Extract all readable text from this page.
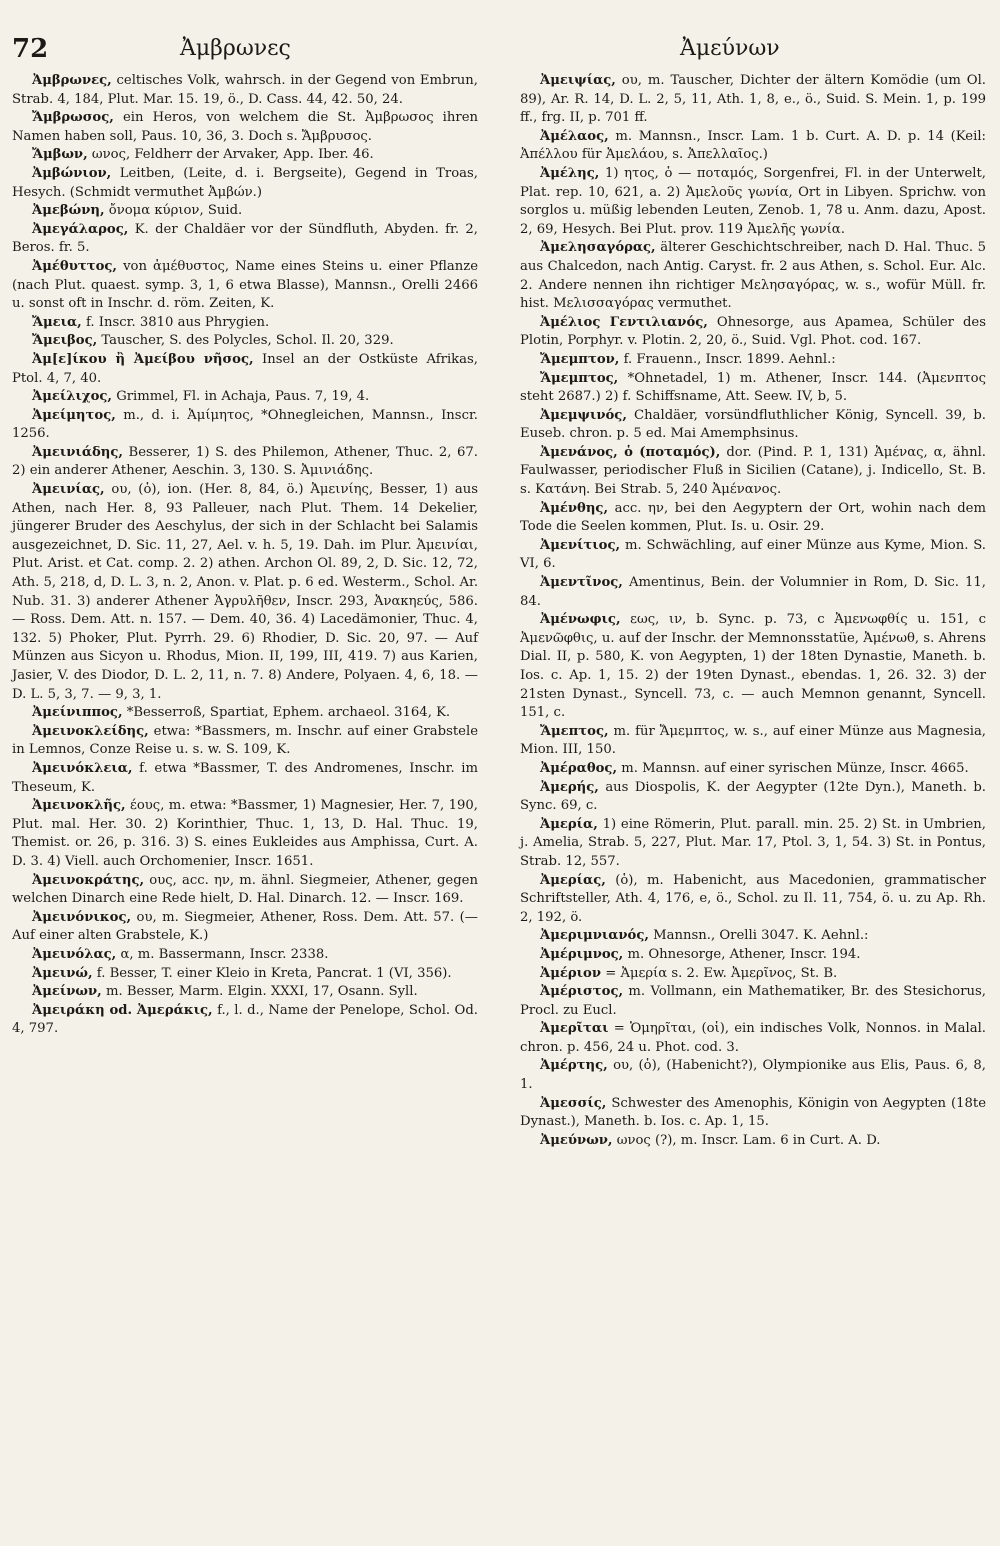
72	Ἀμβρωνες	Ἀμεύνων

Ἀμβρωνες, celtisches Volk, wahrsch. in der Gegend von Embrun, Strab. 4, 184, Plut. Mar. 15. 19, ö., D. Cass. 44, 42. 50, 24.

Ἄμβρωσος, ein Heros, von welchem die St. Ἀμβρωσος ihren Namen haben soll, Paus. 10, 36, 3. Doch s. Ἄμβρυσος.

Ἄμβων, ωνος, Feldherr der Arvaker, App. Iber. 46.

Ἀμβώνιον, Leitben, (Leite, d. i. Bergseite), Gegend in Troas, Hesych. (Schmidt vermuthet Ἀμβών.)

Ἀμεβώνη, ὄνομα κύριον, Suid.

Ἀμεγάλαρος, K. der Chaldäer vor der Sündfluth, Abyden. fr. 2, Beros. fr. 5.

Ἀμέθυττος, von ἀμέθυστος, Name eines Steins u. einer Pflanze (nach Plut. quaest. symp. 3, 1, 6 etwa Blasse), Mannsn., Orelli 2466 u. sonst oft in Inschr. d. röm. Zeiten, K.

Ἄμεια, f. Inscr. 3810 aus Phrygien.

Ἄμειβος, Tauscher, S. des Polycles, Schol. Il. 20, 329.

Ἀμ[ε]ίκου ἢ Ἀμείβου νῆσος, Insel an der Ostküste Afrikas, Ptol. 4, 7, 40.

Ἀμείλιχος, Grimmel, Fl. in Achaja, Paus. 7, 19, 4.

Ἀμείμητος, m., d. i. Ἀμίμητος, *Ohnegleichen, Mannsn., Inscr. 1256.

Ἀμεινιάδης, Besserer, 1) S. des Philemon, Athener, Thuc. 2, 67. 2) ein anderer Athener, Aeschin. 3, 130. S. Ἀμινιάδης.

Ἀμεινίας, ου, (ὁ), ion. (Her. 8, 84, ö.) Ἀμεινίης, Besser, 1) aus Athen, nach Her. 8, 93 Palleuer, nach Plut. Them. 14 Dekelier, jüngerer Bruder des Aeschylus, der sich in der Schlacht bei Salamis ausgezeichnet, D. Sic. 11, 27, Ael. v. h. 5, 19. Dah. im Plur. Ἀμεινίαι, Plut. Arist. et Cat. comp. 2. 2) athen. Archon Ol. 89, 2, D. Sic. 12, 72, Ath. 5, 218, d, D. L. 3, n. 2, Anon. v. Plat. p. 6 ed. Westerm., Schol. Ar. Nub. 31. 3) anderer Athener Ἀγρυλῆθεν, Inscr. 293, Ἀνακηεύς, 586. — Ross. Dem. Att. n. 157. — Dem. 40, 36. 4) Lacedämonier, Thuc. 4, 132. 5) Phoker, Plut. Pyrrh. 29. 6) Rhodier, D. Sic. 20, 97. — Auf Münzen aus Sicyon u. Rhodus, Mion. II, 199, III, 419. 7) aus Karien, Jasier, V. des Diodor, D. L. 2, 11, n. 7. 8) Andere, Polyaen. 4, 6, 18. — D. L. 5, 3, 7. — 9, 3, 1.

Ἀμείνιππος, *Besserroß, Spartiat, Ephem. archaeol. 3164, K.

Ἀμεινοκλείδης, etwa: *Bassmers, m. Inschr. auf einer Grabstele in Lemnos, Conze Reise u. s. w. S. 109, K.

Ἀμεινόκλεια, f. etwa *Bassmer, T. des Andromenes, Inschr. im Theseum, K.

Ἀμεινοκλῆς, έους, m. etwa: *Bassmer, 1) Magnesier, Her. 7, 190, Plut. mal. Her. 30. 2) Korinthier, Thuc. 1, 13, D. Hal. Thuc. 19, Themist. or. 26, p. 316. 3) S. eines Eukleides aus Amphissa, Curt. A. D. 3. 4) Viell. auch Orchomenier, Inscr. 1651.

Ἀμεινοκράτης, ους, acc. ην, m. ähnl. Siegmeier, Athener, gegen welchen Dinarch eine Rede hielt, D. Hal. Dinarch. 12. — Inscr. 169.

Ἀμεινόνικος, ου, m. Siegmeier, Athener, Ross. Dem. Att. 57. (— Auf einer alten Grabstele, K.)

Ἀμεινόλας, α, m. Bassermann, Inscr. 2338.

Ἀμεινώ, f. Besser, T. einer Kleio in Kreta, Pancrat. 1 (VI, 356).

Ἀμείνων, m. Besser, Marm. Elgin. XXXI, 17, Osann. Syll.

Ἀμειράκη od. Ἀμεράκις, f., l. d., Name der Penelope, Schol. Od. 4, 797.

Ἀμειψίας, ου, m. Tauscher, Dichter der ältern Komödie (um Ol. 89), Ar. R. 14, D. L. 2, 5, 11, Ath. 1, 8, e., ö., Suid. S. Mein. 1, p. 199 ff., frg. II, p. 701 ff.

Ἀμέλαος, m. Mannsn., Inscr. Lam. 1 b. Curt. A. D. p. 14 (Keil: Ἀπέλλου für Ἀμελάου, s. Ἀπελλαῖος.)

Ἀμέλης, 1) ητος, ὁ — ποταμός, Sorgenfrei, Fl. in der Unterwelt, Plat. rep. 10, 621, a. 2) Ἀμελοῦς γωνία, Ort in Libyen. Sprichw. von sorglos u. müßig lebenden Leuten, Zenob. 1, 78 u. Anm. dazu, Apost. 2, 69, Hesych. Bei Plut. prov. 119 Ἀμελῆς γωνία.

Ἀμελησαγόρας, älterer Geschichtschreiber, nach D. Hal. Thuc. 5 aus Chalcedon, nach Antig. Caryst. fr. 2 aus Athen, s. Schol. Eur. Alc. 2. Andere nennen ihn richtiger Μελησαγόρας, w. s., wofür Müll. fr. hist. Μελισσαγόρας vermuthet.

Ἀμέλιος Γεντιλιανός, Ohnesorge, aus Apamea, Schüler des Plotin, Porphyr. v. Plotin. 2, 20, ö., Suid. Vgl. Phot. cod. 167.

Ἄμεμπτον, f. Frauenn., Inscr. 1899. Aehnl.:

Ἄμεμπτος, *Ohnetadel, 1) m. Athener, Inscr. 144. (Ἀμενπτος steht 2687.) 2) f. Schiffsname, Att. Seew. IV, b, 5.

Ἀμεμψινός, Chaldäer, vorsündfluthlicher König, Syncell. 39, b. Euseb. chron. p. 5 ed. Mai Amemphsinus.

Ἀμενάνος, ὁ (ποταμός), dor. (Pind. P. 1, 131) Ἀμένας, α, ähnl. Faulwasser, periodischer Fluß in Sicilien (Catane), j. Indicello, St. B. s. Κατάνη. Bei Strab. 5, 240 Ἀμένανος.

Ἀμένθης, acc. ην, bei den Aegyptern der Ort, wohin nach dem Tode die Seelen kommen, Plut. Is. u. Osir. 29.

Ἀμενίτιος, m. Schwächling, auf einer Münze aus Kyme, Mion. S. VI, 6.

Ἀμεντῖνος, Amentinus, Bein. der Volumnier in Rom, D. Sic. 11, 84.

Ἀμένωφις, εως, ιν, b. Sync. p. 73, c Ἀμενωφθίς u. 151, c Ἀμενῶφθις, u. auf der Inschr. der Memnonsstatüe, Ἀμένωθ, s. Ahrens Dial. II, p. 580, K. von Aegypten, 1) der 18ten Dynastie, Maneth. b. Ios. c. Ap. 1, 15. 2) der 19ten Dynast., ebendas. 1, 26. 32. 3) der 21sten Dynast., Syncell. 73, c. — auch Memnon genannt, Syncell. 151, c.

Ἄμεπτος, m. für Ἄμεμπτος, w. s., auf einer Münze aus Magnesia, Mion. III, 150.

Ἀμέραθος, m. Mannsn. auf einer syrischen Münze, Inscr. 4665.

Ἀμερής, aus Diospolis, K. der Aegypter (12te Dyn.), Maneth. b. Sync. 69, c.

Ἀμερία, 1) eine Römerin, Plut. parall. min. 25. 2) St. in Umbrien, j. Amelia, Strab. 5, 227, Plut. Mar. 17, Ptol. 3, 1, 54. 3) St. in Pontus, Strab. 12, 557.

Ἀμερίας, (ὁ), m. Habenicht, aus Macedonien, grammatischer Schriftsteller, Ath. 4, 176, e, ö., Schol. zu Il. 11, 754, ö. u. zu Ap. Rh. 2, 192, ö.

Ἀμεριμνιανός, Mannsn., Orelli 3047. K. Aehnl.:

Ἀμέριμνος, m. Ohnesorge, Athener, Inscr. 194.

Ἀμέριον = Ἀμερία s. 2. Ew. Ἀμερῖνος, St. B.

Ἀμέριστος, m. Vollmann, ein Mathematiker, Br. des Stesichorus, Procl. zu Eucl.

Ἀμερῖται = Ὁμηρῖται, (οἱ), ein indisches Volk, Nonnos. in Malal. chron. p. 456, 24 u. Phot. cod. 3.

Ἀμέρτης, ου, (ὁ), (Habenicht?), Olympionike aus Elis, Paus. 6, 8, 1.

Ἀμεσσίς, Schwester des Amenophis, Königin von Aegypten (18te Dynast.), Maneth. b. Ios. c. Ap. 1, 15.

Ἀμεύνων, ωνος (?), m. Inscr. Lam. 6 in Curt. A. D.
